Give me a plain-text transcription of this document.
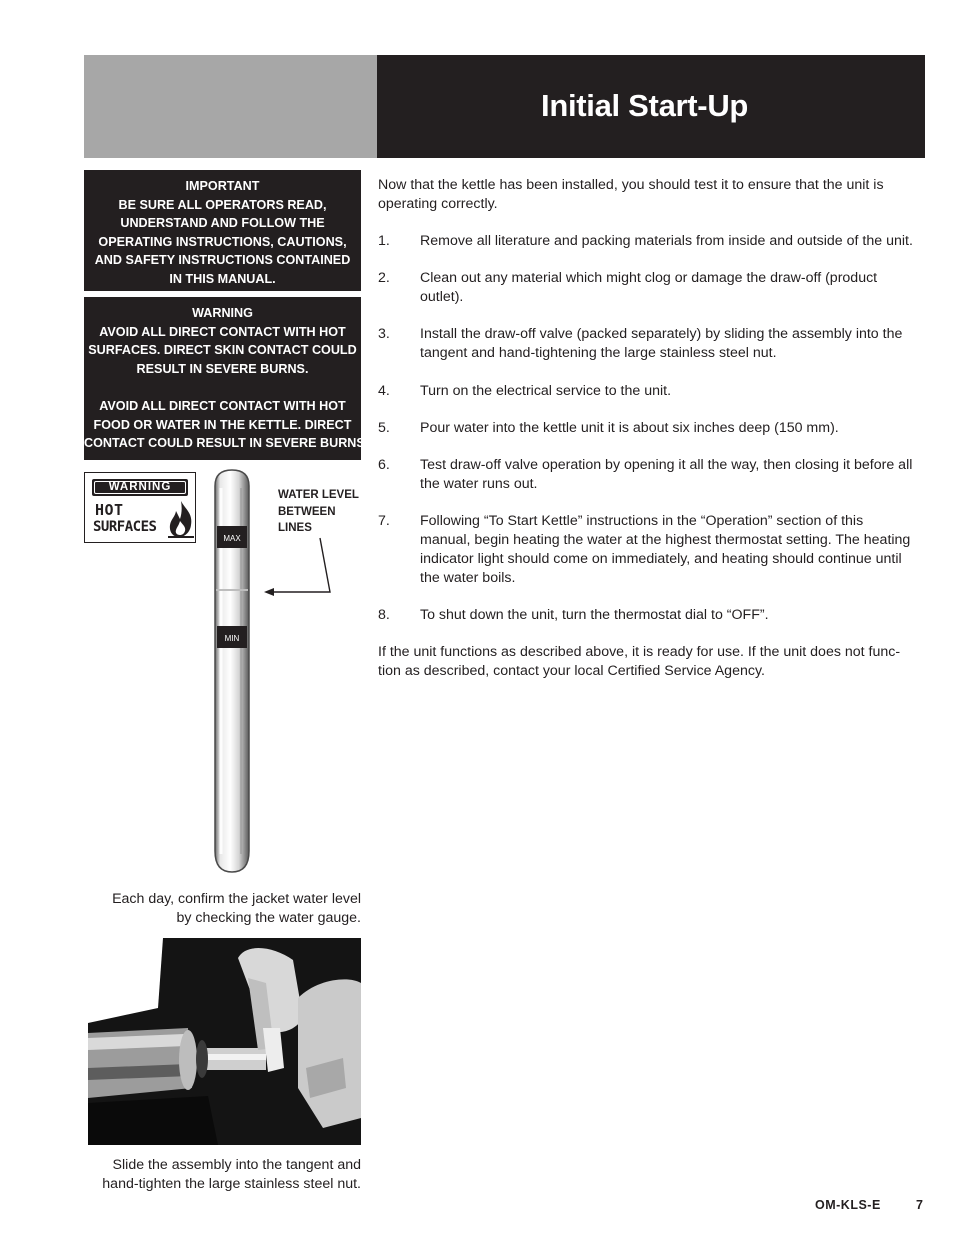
Initial Start-Up
IMPORTANT
BE SURE ALL OPERATORS READ,
UNDERSTAND AND FOLLOW THE
OPERATING INSTRUCTIONS, CAUTIONS,
AND SAFETY INSTRUCTIONS CONTAINED
IN THIS MANUAL.
WARNING
AVOID ALL DIRECT CONTACT WITH HOT
SURFACES. DIRECT SKIN CONTACT COULD
RESULT IN SEVERE BURNS.
AVOID ALL DIRECT CONTACT WITH HOT
FOOD OR WATER IN THE KETTLE. DIRECT
CONTACT COULD RESULT IN SEVERE BURNS.
WARNING
HOT
SURFACES
MAX
MIN
WATER LEVEL
BETWEEN
LINES
Each day, confirm the jacket water level
by checking the water gauge.
Slide the assembly into the tangent and
hand-tighten the large stainless steel nut.

Now that the kettle has been installed, you should test it to ensure that the unit is
operating correctly.

1. Remove all literature and packing materials from inside and outside of the unit.
2. Clean out any material which might clog or damage the draw-off (product
outlet).
3. Install the draw-off valve (packed separately) by sliding the assembly into the
tangent and hand-tightening the large stainless steel nut.
4. Turn on the electrical service to the unit.
5. Pour water into the kettle unit it is about six inches deep (150 mm).
6. Test draw-off valve operation by opening it all the way, then closing it before all
the water runs out.
7. Following “To Start Kettle” instructions in the “Operation” section of this
manual, begin heating the water at the highest thermostat setting. The heating
indicator light should come on immediately, and heating should continue until
the water boils.
8. To shut down the unit, turn the thermostat dial to “OFF”.

If the unit functions as described above, it is ready for use. If the unit does not func-
tion as described, contact your local Certified Service Agency.

OM-KLS-E	7
